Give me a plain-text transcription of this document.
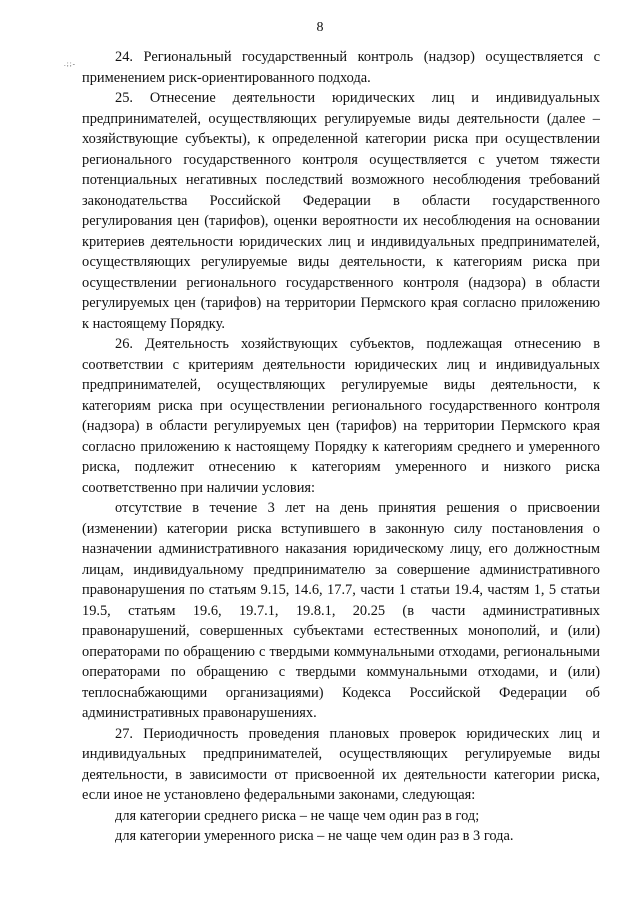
8
.;;-	24. Региональный государственный контроль (надзор) осуществляется с применением риск-ориентированного подхода.

25. Отнесение деятельности юридических лиц и индивидуальных предпринимателей, осуществляющих регулируемые виды деятельности (далее – хозяйствующие субъекты), к определенной категории риска при осуществлении регионального государственного контроля осуществляется с учетом тяжести потенциальных негативных последствий возможного несоблюдения требований законодательства Российской Федерации в области государственного регулирования цен (тарифов), оценки вероятности их несоблюдения на основании критериев деятельности юридических лиц и индивидуальных предпринимателей, осуществляющих регулируемые виды деятельности, к категориям риска при осуществлении регионального государственного контроля (надзора) в области регулируемых цен (тарифов) на территории Пермского края согласно приложению к настоящему Порядку.

26. Деятельность хозяйствующих субъектов, подлежащая отнесению в соответствии с критериям деятельности юридических лиц и индивидуальных предпринимателей, осуществляющих регулируемые виды деятельности, к категориям риска при осуществлении регионального государственного контроля (надзора) в области регулируемых цен (тарифов) на территории Пермского края согласно приложению к настоящему Порядку к категориям среднего и умеренного риска, подлежит отнесению к категориям умеренного и низкого риска соответственно при наличии условия:

отсутствие в течение 3 лет на день принятия решения о присвоении (изменении) категории риска вступившего в законную силу постановления о назначении административного наказания юридическому лицу, его должностным лицам, индивидуальному предпринимателю за совершение административного правонарушения по статьям 9.15, 14.6, 17.7, части 1 статьи 19.4, частям 1, 5 статьи 19.5, статьям 19.6, 19.7.1, 19.8.1, 20.25 (в части административных правонарушений, совершенных субъектами естественных монополий, и (или) операторами по обращению с твердыми коммунальными отходами, региональными операторами по обращению с твердыми коммунальными отходами, и (или) теплоснабжающими организациями) Кодекса Российской Федерации об административных правонарушениях.

27. Периодичность проведения плановых проверок юридических лиц и индивидуальных предпринимателей, осуществляющих регулируемые виды деятельности, в зависимости от присвоенной их деятельности категории риска, если иное не установлено федеральными законами, следующая:

для категории среднего риска – не чаще чем один раз в год;

для категории умеренного риска – не чаще чем один раз в 3 года.
